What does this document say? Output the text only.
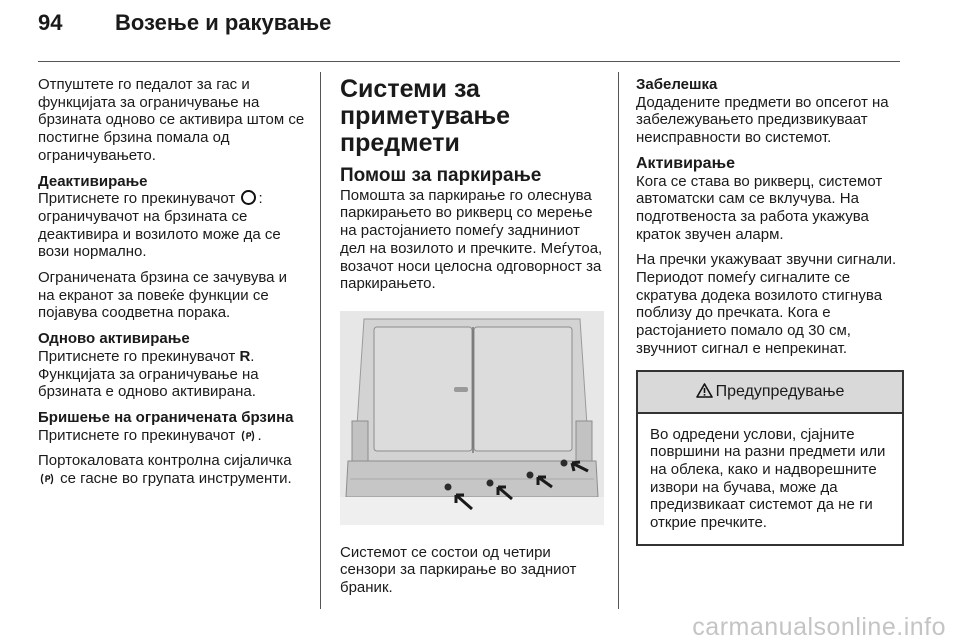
94 Возење и ракување

Отпуштете го педалот за гас и функцијата за ограничување на брзината одново се активира штом се постигне брзина помала од ограничувањето.

Деактивирање

Притиснете го прекинувачот : ограничувачот на брзината се деактивира и возилото може да се вози нормално.

Ограничената брзина се зачувува и на екранот за повеќе функции се појавува соодветна порака.

Одново активирање

Притиснете го прекинувачот R.
Функцијата за ограничување на брзината е одново активирана.

Бришење на ограничената брзина

Притиснете го прекинувачот .

Портокаловата контролна сијаличка  се гасне во групата инструменти.

Системи за приметување предмети
Помош за паркирање

Помошта за паркирање го олеснува паркирањето во рикверц со мерење на растојанието помеѓу задниниот дел на возилото и пречките. Меѓутоа, возачот носи целосна одговорност за паркирањето.

Системот се состои од четири сензори за паркирање во задниот браник.

Забелешка

Додадените предмети во опсегот на забележувањето предизвикуваат неисправности во системот.

Активирање

Кога се става во рикверц, системот автоматски сам се вклучува. На подготвеноста за работа укажува краток звучен аларм.

На пречки укажуваат звучни сигнали. Периодот помеѓу сигналите се скратува додека возилото стигнува поблизу до пречката. Кога е растојанието помало од 30 см, звучниот сигнал е непрекинат.

Предупредување
Во одредени услови, сјајните површини на разни предмети или на облека, како и надворешните извори на бучава, може да предизвикаат системот да не ги открие пречките.
carmanualsonline.info
